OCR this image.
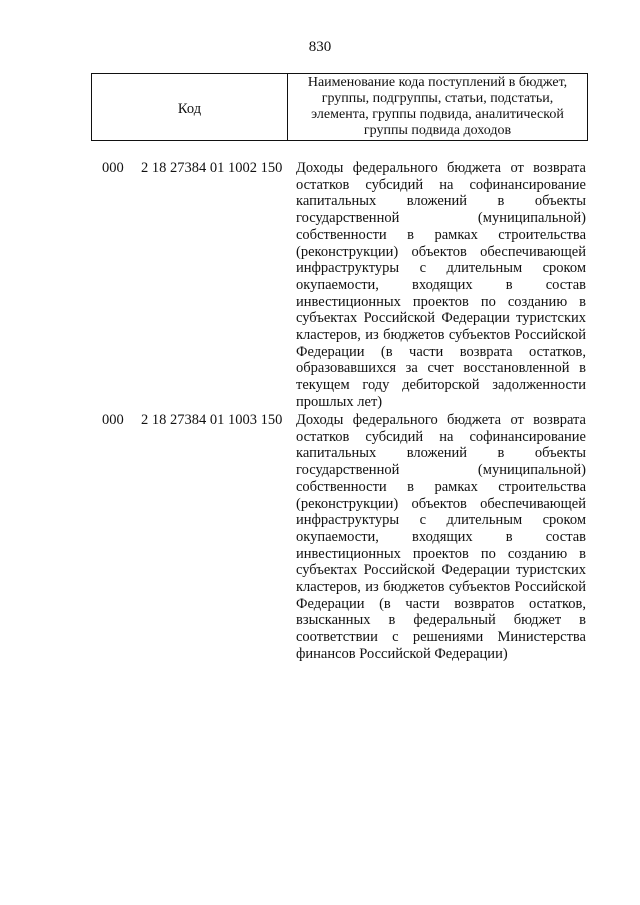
830
Код
Наименование кода поступлений в бюджет, группы, подгруппы, статьи, подстатьи, элемента, группы подвида, аналитической группы подвида доходов
000 2 18 27384 01 1002 150 Доходы федерального бюджета от возврата
остатков субсидий на софинансирование
капитальных вложений в объекты
государственной (муниципальной)
собственности в рамках строительства
(реконструкции) объектов обеспечивающей
инфраструктуры с длительным сроком
окупаемости, входящих в состав
инвестиционных проектов по созданию в
субъектах Российской Федерации туристских
кластеров, из бюджетов субъектов Российской
Федерации (в части возврата остатков,
образовавшихся за счет восстановленной в
текущем году дебиторской задолженности
прошлых лет)
000 2 18 27384 01 1003 150 Доходы федерального бюджета от возврата
остатков субсидий на софинансирование
капитальных вложений в объекты
государственной (муниципальной)
собственности в рамках строительства
(реконструкции) объектов обеспечивающей
инфраструктуры с длительным сроком
окупаемости, входящих в состав
инвестиционных проектов по созданию в
субъектах Российской Федерации туристских
кластеров, из бюджетов субъектов Российской
Федерации (в части возвратов остатков,
взысканных в федеральный бюджет в
соответствии с решениями Министерства
финансов Российской Федерации)
